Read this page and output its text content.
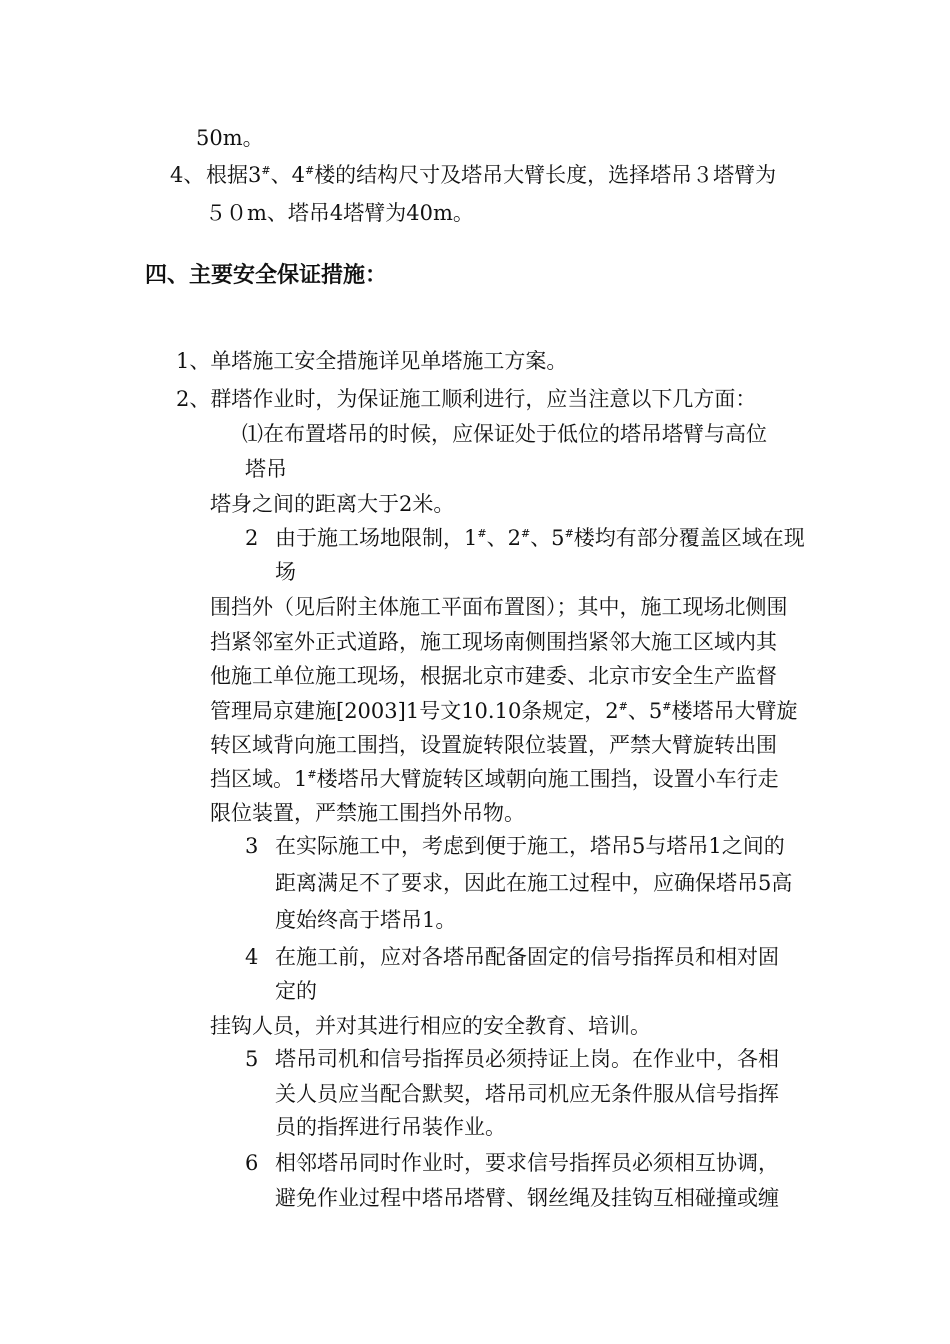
50m。
4、 根据3#、4#楼的结构尺寸及塔吊大臂长度，选择塔吊３塔臂为
５０m、塔吊4塔臂为40m。
四、主要安全保证措施：
1、单塔施工安全措施详见单塔施工方案。
2、群塔作业时，为保证施工顺利进行，应当注意以下几方面：
⑴在布置塔吊的时候，应保证处于低位的塔吊塔臂与高位
塔吊
塔身之间的距离大于2米。
2 由于施工场地限制，1#、2#、5#楼均有部分覆盖区域在现
场
围挡外（见后附主体施工平面布置图）；其中，施工现场北侧围
挡紧邻室外正式道路，施工现场南侧围挡紧邻大施工区域内其
他施工单位施工现场，根据北京市建委、北京市安全生产监督
管理局京建施[2003]1号文10.10条规定，2#、5#楼塔吊大臂旋
转区域背向施工围挡，设置旋转限位装置，严禁大臂旋转出围
挡区域。1#楼塔吊大臂旋转区域朝向施工围挡，设置小车行走
限位装置，严禁施工围挡外吊物。
3 在实际施工中，考虑到便于施工，塔吊5与塔吊1之间的
距离满足不了要求，因此在施工过程中，应确保塔吊5高
度始终高于塔吊1。
4 在施工前，应对各塔吊配备固定的信号指挥员和相对固
定的
挂钩人员，并对其进行相应的安全教育、培训。
5 塔吊司机和信号指挥员必须持证上岗。在作业中，各相
关人员应当配合默契，塔吊司机应无条件服从信号指挥
员的指挥进行吊装作业。
6 相邻塔吊同时作业时，要求信号指挥员必须相互协调，
避免作业过程中塔吊塔臂、钢丝绳及挂钩互相碰撞或缠
